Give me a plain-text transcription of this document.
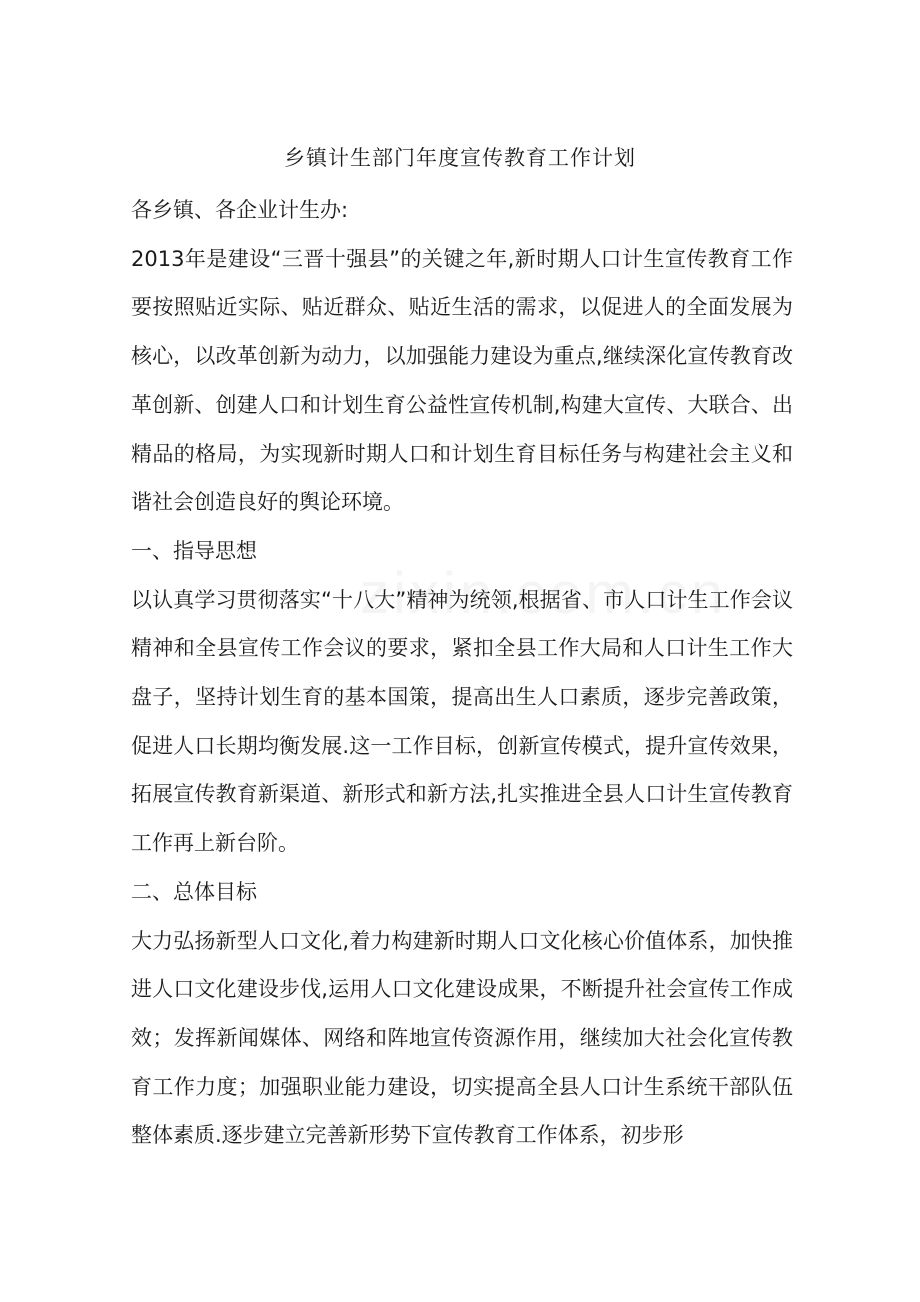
乡镇计生部门年度宣传教育工作计划

各乡镇、各企业计生办:

2013年是建设“三晋十强县”的关键之年,新时期人口计生宣传教育工作要按照贴近实际、贴近群众、贴近生活的需求，以促进人的全面发展为核心，以改革创新为动力，以加强能力建设为重点,继续深化宣传教育改革创新、创建人口和计划生育公益性宣传机制,构建大宣传、大联合、出精品的格局，为实现新时期人口和计划生育目标任务与构建社会主义和谐社会创造良好的舆论环境。

一、指导思想

以认真学习贯彻落实“十八大”精神为统领,根据省、市人口计生工作会议精神和全县宣传工作会议的要求，紧扣全县工作大局和人口计生工作大盘子，坚持计划生育的基本国策，提高出生人口素质，逐步完善政策，促进人口长期均衡发展.这一工作目标，创新宣传模式，提升宣传效果，拓展宣传教育新渠道、新形式和新方法,扎实推进全县人口计生宣传教育工作再上新台阶。

二、总体目标

大力弘扬新型人口文化,着力构建新时期人口文化核心价值体系，加快推进人口文化建设步伐,运用人口文化建设成果，不断提升社会宣传工作成效；发挥新闻媒体、网络和阵地宣传资源作用，继续加大社会化宣传教育工作力度；加强职业能力建设，切实提高全县人口计生系统干部队伍整体素质.逐步建立完善新形势下宣传教育工作体系，初步形
